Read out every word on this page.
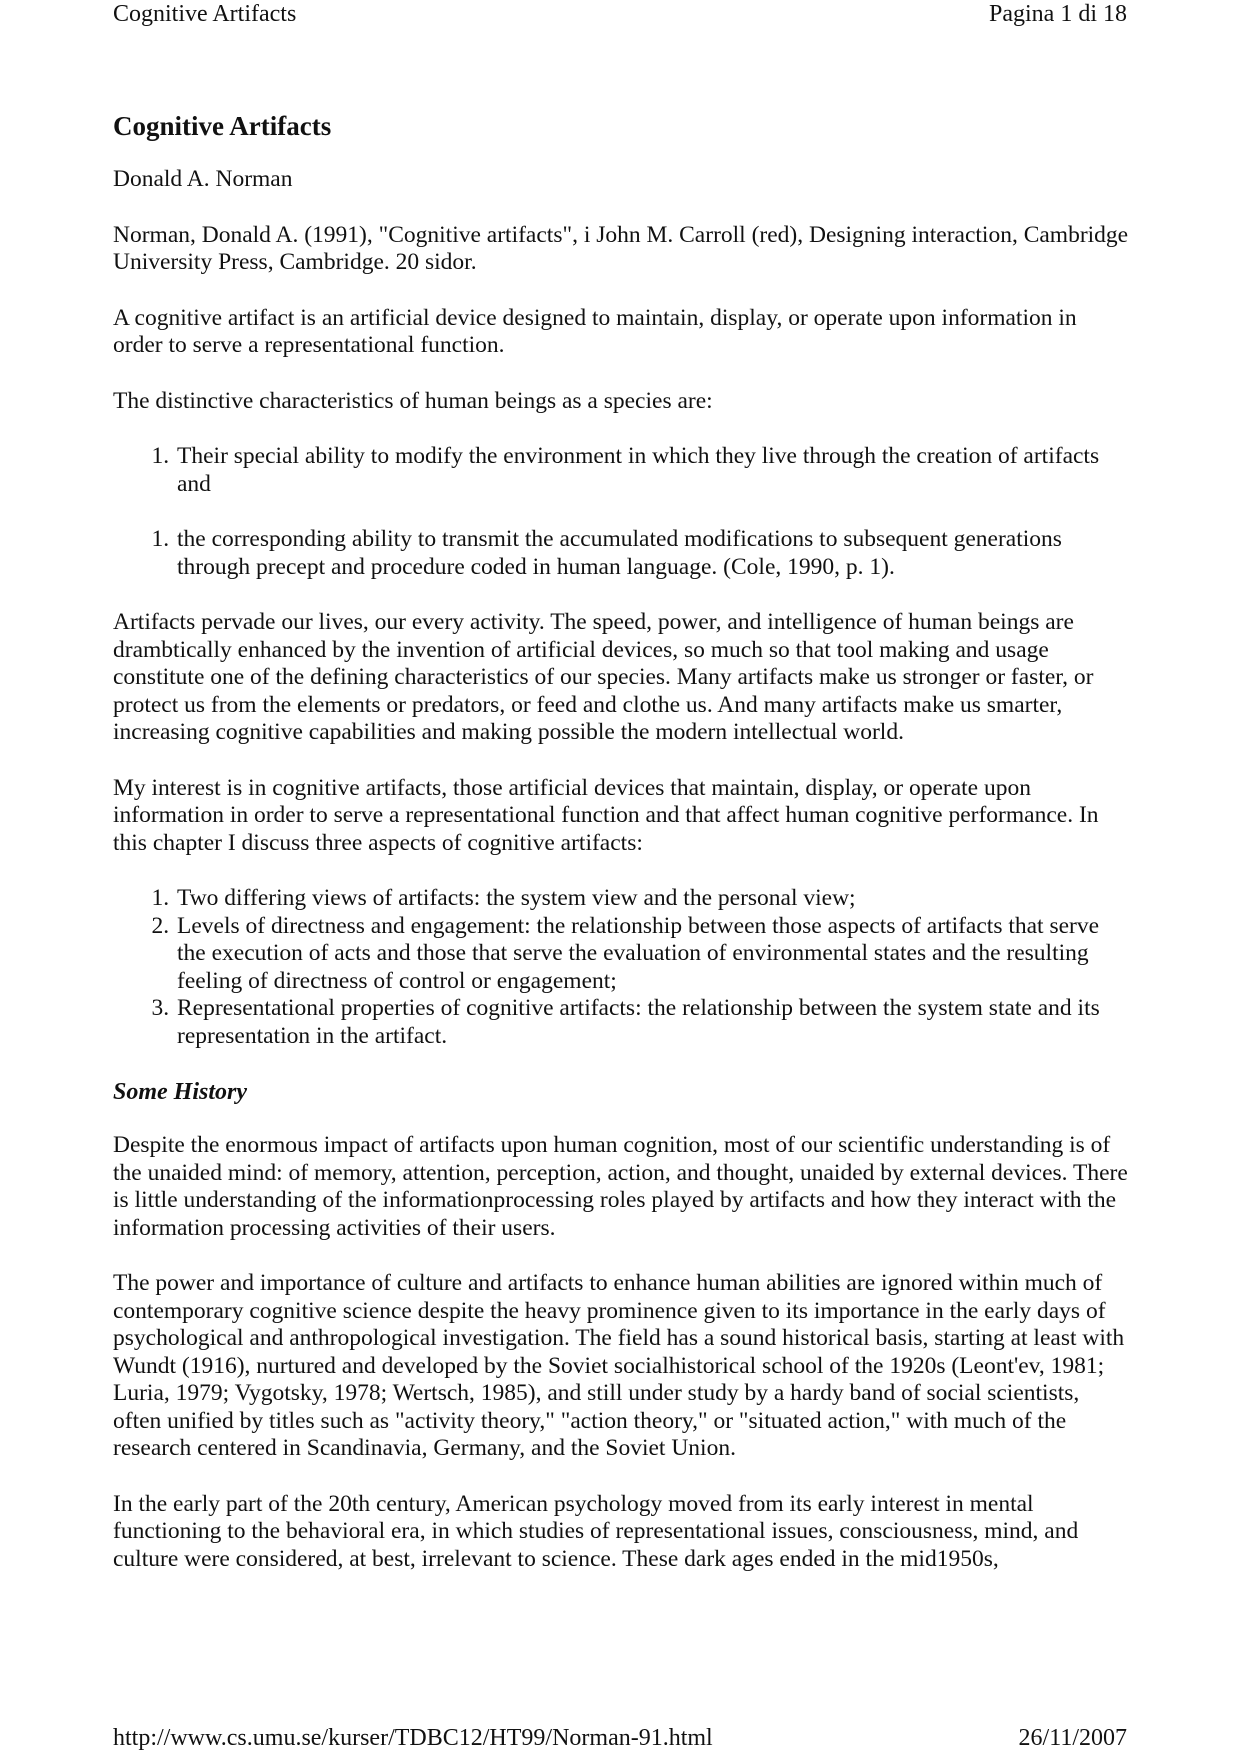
Cognitive Artifacts	Pagina 1 di 18
Cognitive Artifacts

Donald A. Norman

Norman, Donald A. (1991), "Cognitive artifacts", i John M. Carroll (red), Designing interaction, Cambridge University Press, Cambridge. 20 sidor.

A cognitive artifact is an artificial device designed to maintain, display, or operate upon information in order to serve a representational function.

The distinctive characteristics of human beings as a species are:

1. Their special ability to modify the environment in which they live through the creation of artifacts and
1. the corresponding ability to transmit the accumulated modifications to subsequent generations through precept and procedure coded in human language. (Cole, 1990, p. 1).

Artifacts pervade our lives, our every activity. The speed, power, and intelligence of human beings are drambtically enhanced by the invention of artificial devices, so much so that tool making and usage constitute one of the defining characteristics of our species. Many artifacts make us stronger or faster, or protect us from the elements or predators, or feed and clothe us. And many artifacts make us smarter, increasing cognitive capabilities and making possible the modern intellectual world.

My interest is in cognitive artifacts, those artificial devices that maintain, display, or operate upon information in order to serve a representational function and that affect human cognitive performance. In this chapter I discuss three aspects of cognitive artifacts:

1. Two differing views of artifacts: the system view and the personal view;
2. Levels of directness and engagement: the relationship between those aspects of artifacts that serve the execution of acts and those that serve the evaluation of environmental states and the resulting feeling of directness of control or engagement;
3. Representational properties of cognitive artifacts: the relationship between the system state and its representation in the artifact.
Some History

Despite the enormous impact of artifacts upon human cognition, most of our scientific understanding is of the unaided mind: of memory, attention, perception, action, and thought, unaided by external devices. There is little understanding of the informationprocessing roles played by artifacts and how they interact with the information processing activities of their users.

The power and importance of culture and artifacts to enhance human abilities are ignored within much of contemporary cognitive science despite the heavy prominence given to its importance in the early days of psychological and anthropological investigation. The field has a sound historical basis, starting at least with Wundt (1916), nurtured and developed by the Soviet socialhistorical school of the 1920s (Leont'ev, 1981; Luria, 1979; Vygotsky, 1978; Wertsch, 1985), and still under study by a hardy band of social scientists, often unified by titles such as "activity theory," "action theory," or "situated action," with much of the research centered in Scandinavia, Germany, and the Soviet Union.

In the early part of the 20th century, American psychology moved from its early interest in mental functioning to the behavioral era, in which studies of representational issues, consciousness, mind, and culture were considered, at best, irrelevant to science. These dark ages ended in the mid1950s,

http://www.cs.umu.se/kurser/TDBC12/HT99/Norman-91.html	26/11/2007
